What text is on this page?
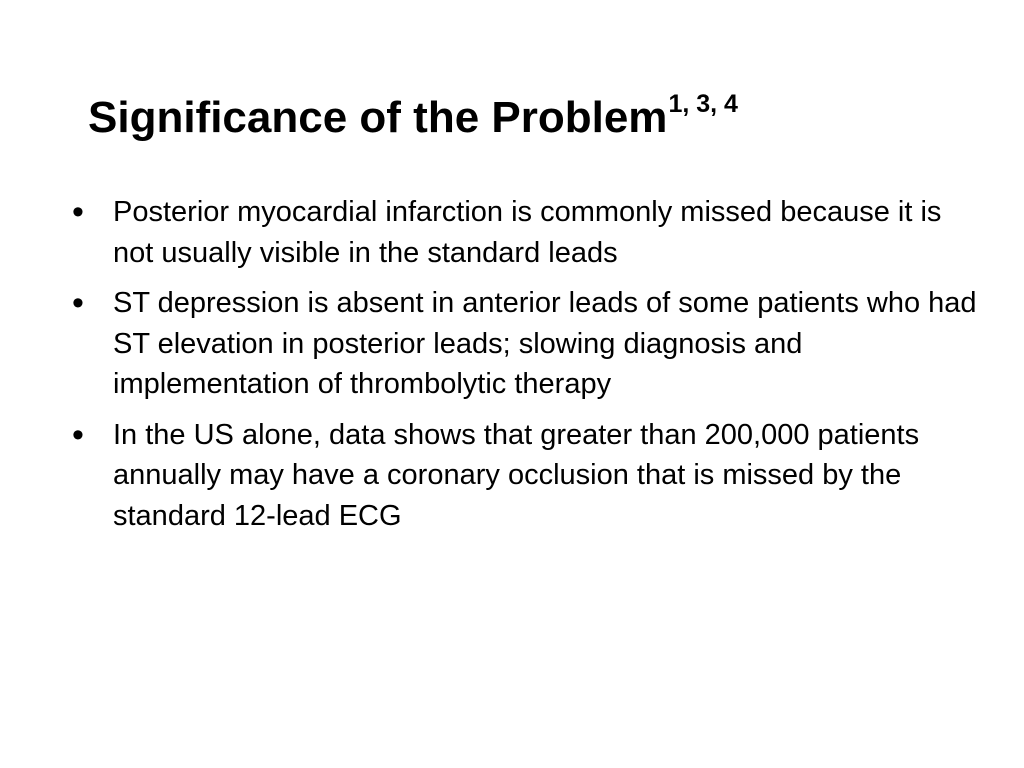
Significance of the Problem$^{1, 3, 4}$
• Posterior myocardial infarction is commonly missed because it is not usually visible in the standard leads
• ST depression is absent in anterior leads of some patients who had ST elevation in posterior leads; slowing diagnosis and implementation of thrombolytic therapy
• In the US alone, data shows that greater than 200,000 patients annually may have a coronary occlusion that is missed by the standard 12-lead ECG
